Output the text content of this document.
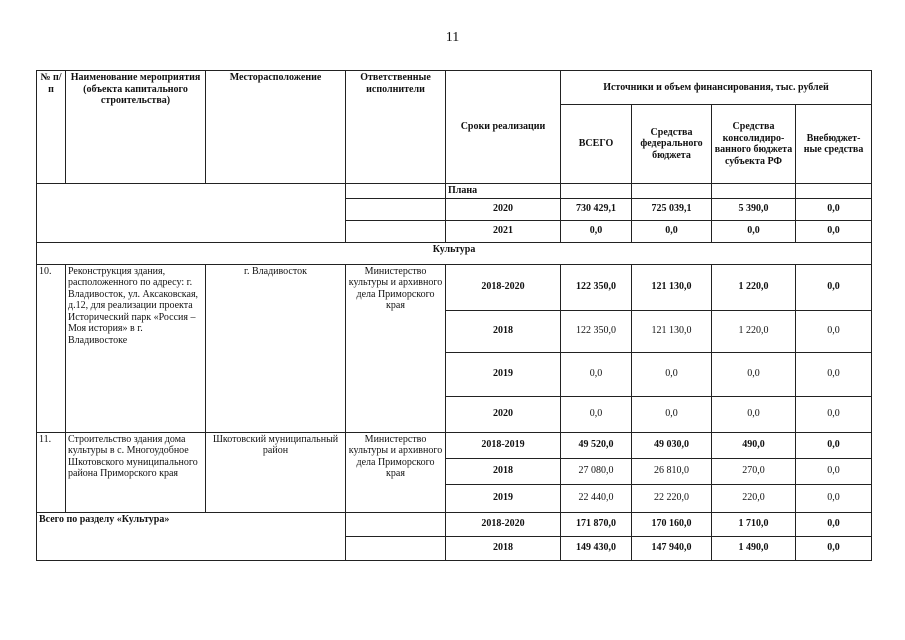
11
№ п/п	Наименование мероприятия (объекта капитального строительства)	Месторасположение	Ответственные исполнители	Сроки реализации	Источники и объем финансирования, тыс. рублей			
					ВСЕГО	Средства федерального бюджета	Средства консолидиро-ванного бюджета субъекта РФ	Внебюджет-ные средства
				Плана				
				2020	730 429,1	725 039,1	5 390,0	0,0
				2021	0,0	0,0	0,0	0,0
Культура								
10.	Реконструкция здания, расположенного по адресу: г. Владивосток, ул. Аксаковская, д.12, для реализации проекта Исторический парк «Россия – Моя история» в г. Владивостоке	г. Владивосток	Министерство культуры и архивного дела Приморского края	2018-2020	122 350,0	121 130,0	1 220,0	0,0
				2018	122 350,0	121 130,0	1 220,0	0,0
				2019	0,0	0,0	0,0	0,0
				2020	0,0	0,0	0,0	0,0
11.	Строительство здания дома культуры в с. Многоудобное Шкотовского муниципального района Приморского края	Шкотовский муниципальный район	Министерство культуры и архивного дела Приморского края	2018-2019	49 520,0	49 030,0	490,0	0,0
				2018	27 080,0	26 810,0	270,0	0,0
				2019	22 440,0	22 220,0	220,0	0,0
Всего по разделу «Культура»				2018-2020	171 870,0	170 160,0	1 710,0	0,0
				2018	149 430,0	147 940,0	1 490,0	0,0
